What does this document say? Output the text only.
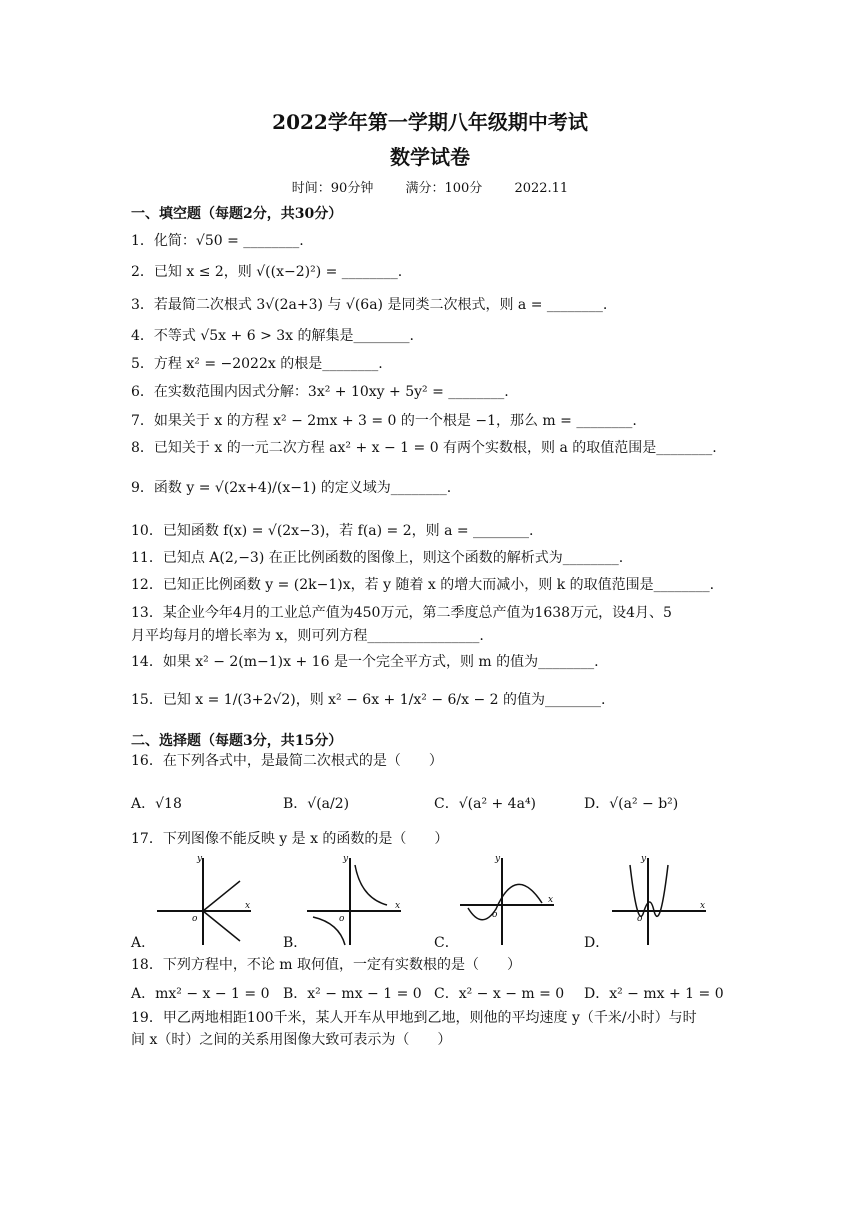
2022学年第一学期八年级期中考试
数学试卷
时间：90分钟 满分：100分 2022.11
一、填空题（每题2分，共30分）
1．化简：√50 = ________.
2．已知 x ≤ 2，则 √((x−2)²) = ________.
3．若最简二次根式 3√(2a+3) 与 √(6a) 是同类二次根式，则 a = ________.
4．不等式 √5x + 6 > 3x 的解集是________.
5．方程 x² = −2022x 的根是________.
6．在实数范围内因式分解：3x² + 10xy + 5y² = ________.
7．如果关于 x 的方程 x² − 2mx + 3 = 0 的一个根是 −1，那么 m = ________.
8．已知关于 x 的一元二次方程 ax² + x − 1 = 0 有两个实数根，则 a 的取值范围是________.
9．函数 y = √(2x+4)/(x−1) 的定义域为________.
10．已知函数 f(x) = √(2x−3)，若 f(a) = 2，则 a = ________.
11．已知点 A(2,−3) 在正比例函数的图像上，则这个函数的解析式为________.
12．已知正比例函数 y = (2k−1)x，若 y 随着 x 的增大而减小，则 k 的取值范围是________.
13．某企业今年4月的工业总产值为450万元，第二季度总产值为1638万元，设4月、5
月平均每月的增长率为 x，则可列方程________________.
14．如果 x² − 2(m−1)x + 16 是一个完全平方式，则 m 的值为________.
15．已知 x = 1/(3+2√2)，则 x² − 6x + 1/x² − 6/x − 2 的值为________.
二、选择题（每题3分，共15分）
16．在下列各式中，是最简二次根式的是（　　）
A．√18	B．√(a/2)	C．√(a² + 4a⁴)	D．√(a² − b²)
17．下列图像不能反映 y 是 x 的函数的是（　　）
o
y
x
A．
o
y
x
B．
o
y
x
C．
o
y
x
D．
18．下列方程中，不论 m 取何值，一定有实数根的是（　　）
A．mx² − x − 1 = 0 B．x² − mx − 1 = 0 C．x² − x − m = 0 D．x² − mx + 1 = 0
19．甲乙两地相距100千米，某人开车从甲地到乙地，则他的平均速度 y（千米/小时）与时
间 x（时）之间的关系用图像大致可表示为（　　）
